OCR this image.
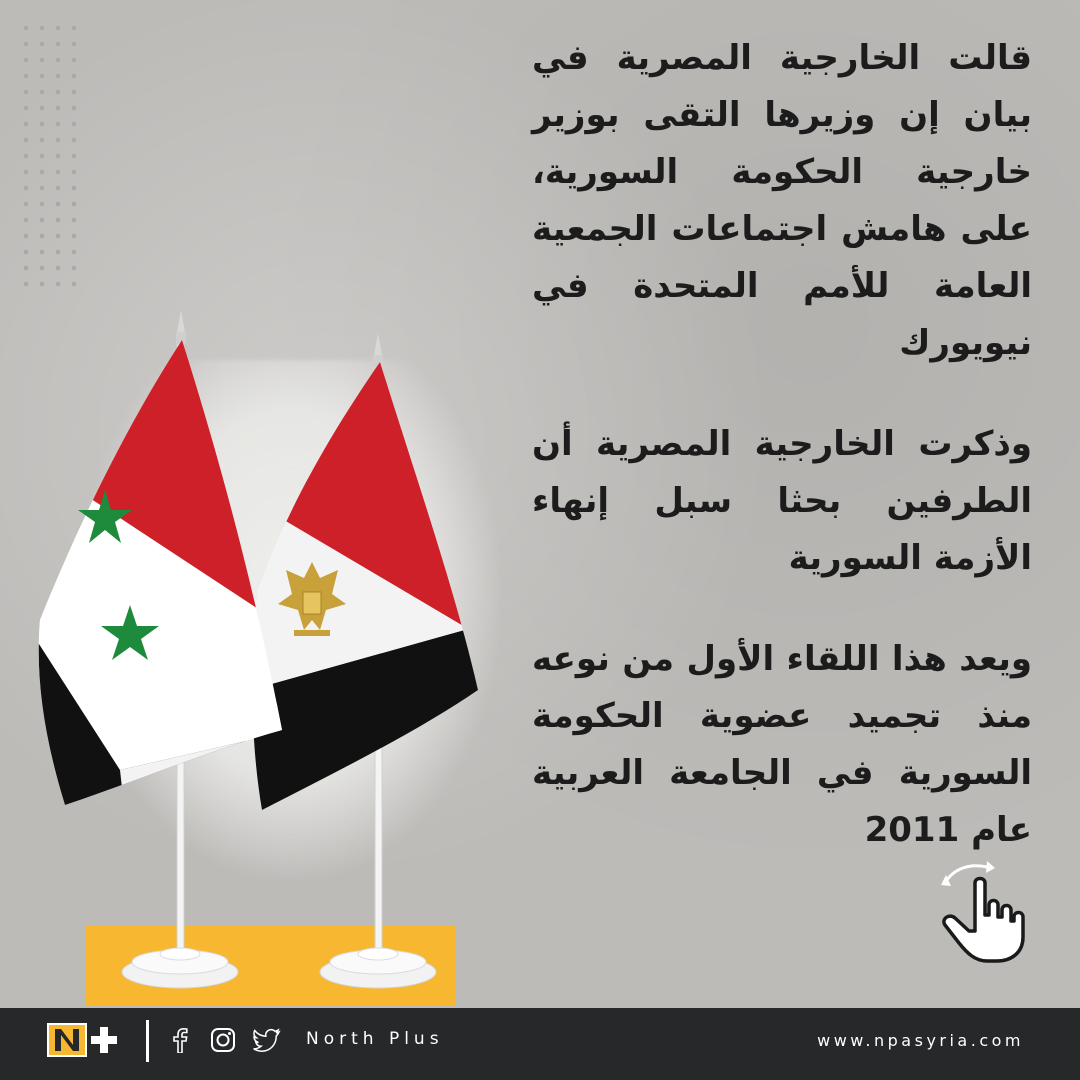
قالت الخارجية المصرية في بيان إن وزيرها التقى بوزير خارجية الحكومة السورية، على هامش اجتماعات الجمعية العامة للأمم المتحدة في نيويورك

وذكرت الخارجية المصرية أن الطرفين بحثا سبل إنهاء الأزمة السورية

ويعد هذا اللقاء الأول من نوعه منذ تجميد عضوية الحكومة السورية في الجامعة العربية عام 2011

North Plus	www.npasyria.com
